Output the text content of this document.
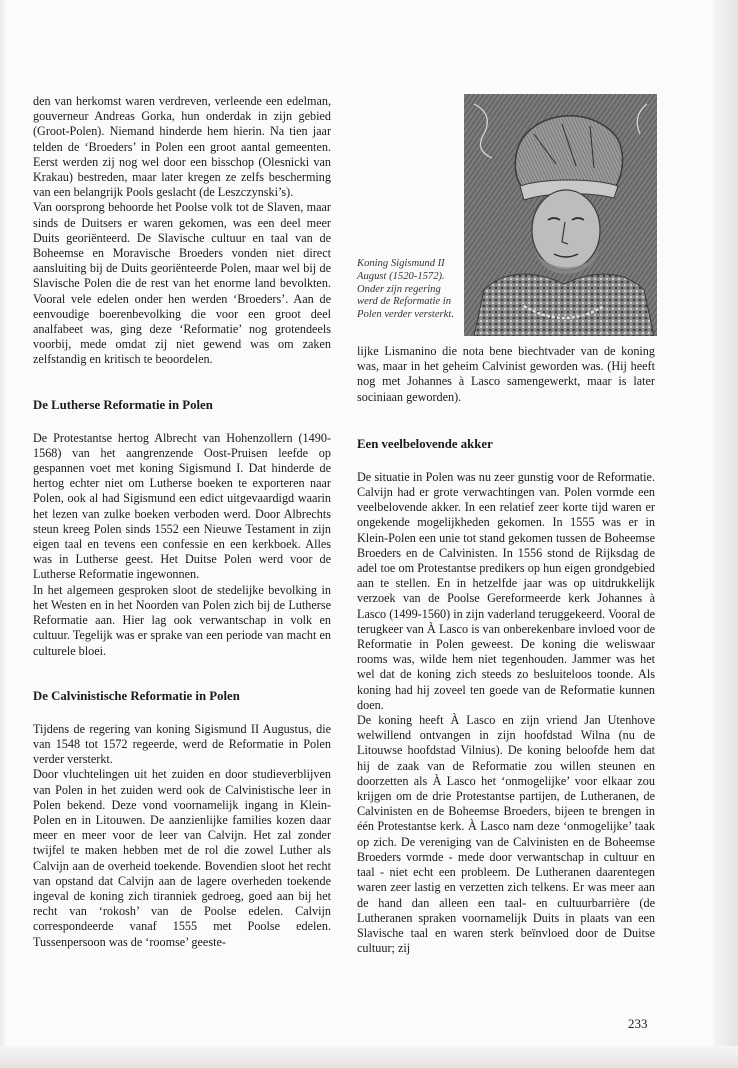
den van herkomst waren verdreven, verleende een edelman, gouverneur Andreas Gorka, hun onderdak in zijn gebied (Groot-Polen). Niemand hinderde hem hierin. Na tien jaar telden de ‘Broeders’ in Polen een groot aantal gemeenten. Eerst werden zij nog wel door een bisschop (Olesnicki van Krakau) bestreden, maar later kregen ze zelfs bescherming van een belangrijk Pools geslacht (de Leszczynski’s).

Van oorsprong behoorde het Poolse volk tot de Slaven, maar sinds de Duitsers er waren gekomen, was een deel meer Duits georiënteerd. De Slavische cultuur en taal van de Boheemse en Moravische Broeders vonden niet direct aansluiting bij de Duits georiënteerde Polen, maar wel bij de Slavische Polen die de rest van het enorme land bevolkten. Vooral vele edelen onder hen werden ‘Broeders’. Aan de eenvoudige boerenbevolking die voor een groot deel analfabeet was, ging deze ‘Reformatie’ nog grotendeels voorbij, mede omdat zij niet gewend was om zaken zelfstandig en kritisch te beoordelen.

De Lutherse Reformatie in Polen

De Protestantse hertog Albrecht van Hohenzollern (1490-1568) van het aangrenzende Oost-Pruisen leefde op gespannen voet met koning Sigismund I. Dat hinderde de hertog echter niet om Lutherse boeken te exporteren naar Polen, ook al had Sigismund een edict uitgevaardigd waarin het lezen van zulke boeken verboden werd. Door Albrechts steun kreeg Polen sinds 1552 een Nieuwe Testament in zijn eigen taal en tevens een confessie en een kerkboek. Alles was in Lutherse geest. Het Duitse Polen werd voor de Lutherse Reformatie ingewonnen.

In het algemeen gesproken sloot de stedelijke bevolking in het Westen en in het Noorden van Polen zich bij de Lutherse Reformatie aan. Hier lag ook verwantschap in volk en cultuur. Tegelijk was er sprake van een periode van macht en culturele bloei.

De Calvinistische Reformatie in Polen

Tijdens de regering van koning Sigismund II Augustus, die van 1548 tot 1572 regeerde, werd de Reformatie in Polen verder versterkt.

Door vluchtelingen uit het zuiden en door studieverblijven van Polen in het zuiden werd ook de Calvinistische leer in Polen bekend. Deze vond voornamelijk ingang in Klein-Polen en in Litouwen. De aanzienlijke families kozen daar meer en meer voor de leer van Calvijn. Het zal zonder twijfel te maken hebben met de rol die zowel Luther als Calvijn aan de overheid toekende. Bovendien sloot het recht van opstand dat Calvijn aan de lagere overheden toekende ingeval de koning zich tiranniek gedroeg, goed aan bij het recht van ‘rokosh’ van de Poolse edelen. Calvijn correspondeerde vanaf 1555 met Poolse edelen. Tussenpersoon was de ‘roomse’ geeste-

Koning Sigismund II August (1520-1572). Onder zijn regering werd de Reformatie in Polen verder versterkt.

lijke Lismanino die nota bene biechtvader van de koning was, maar in het geheim Calvinist geworden was. (Hij heeft nog met Johannes à Lasco samengewerkt, maar is later sociniaan geworden).

Een veelbelovende akker

De situatie in Polen was nu zeer gunstig voor de Reformatie. Calvijn had er grote verwachtingen van. Polen vormde een veelbelovende akker. In een relatief zeer korte tijd waren er ongekende mogelijkheden gekomen. In 1555 was er in Klein-Polen een unie tot stand gekomen tussen de Boheemse Broeders en de Calvinisten. In 1556 stond de Rijksdag de adel toe om Protestantse predikers op hun eigen grondgebied aan te stellen. En in hetzelfde jaar was op uitdrukkelijk verzoek van de Poolse Gereformeerde kerk Johannes à Lasco (1499-1560) in zijn vaderland teruggekeerd. Vooral de terugkeer van À Lasco is van onberekenbare invloed voor de Reformatie in Polen geweest. De koning die weliswaar rooms was, wilde hem niet tegenhouden. Jammer was het wel dat de koning zich steeds zo besluiteloos toonde. Als koning had hij zoveel ten goede van de Reformatie kunnen doen.

De koning heeft À Lasco en zijn vriend Jan Utenhove welwillend ontvangen in zijn hoofdstad Wilna (nu de Litouwse hoofdstad Vilnius). De koning beloofde hem dat hij de zaak van de Reformatie zou willen steunen en doorzetten als À Lasco het ‘onmogelijke’ voor elkaar zou krijgen om de drie Protestantse partijen, de Lutheranen, de Calvinisten en de Boheemse Broeders, bijeen te brengen in één Protestantse kerk. À Lasco nam deze ‘onmogelijke’ taak op zich. De vereniging van de Calvinisten en de Boheemse Broeders vormde - mede door verwantschap in cultuur en taal - niet echt een probleem. De Lutheranen daarentegen waren zeer lastig en verzetten zich telkens. Er was meer aan de hand dan alleen een taal- en cultuurbarrière (de Lutheranen spraken voornamelijk Duits in plaats van een Slavische taal en waren sterk beïnvloed door de Duitse cultuur; zij

233
